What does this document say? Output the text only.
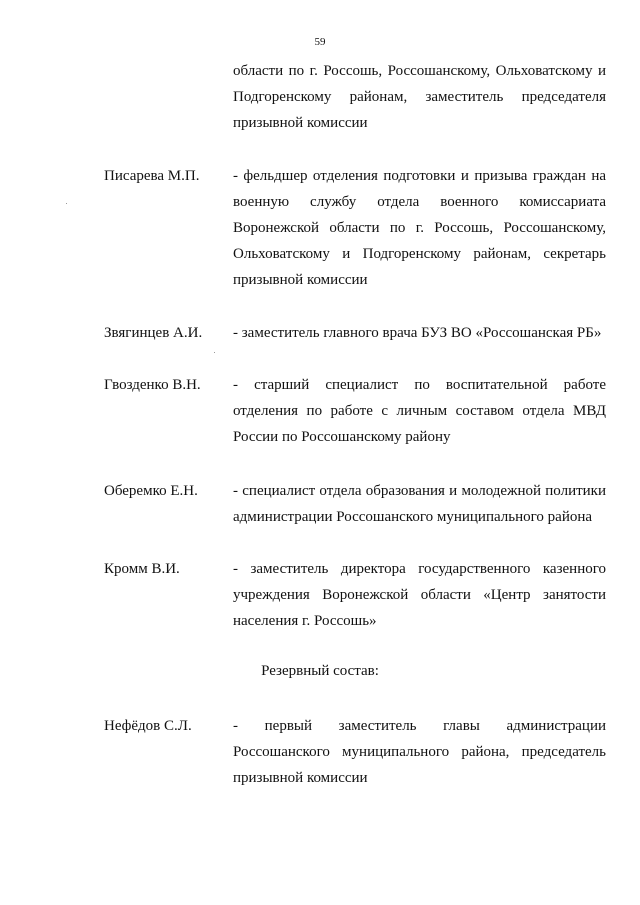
59
области по г. Россошь, Россошанскому, Ольховатскому и
Подгоренскому районам, заместитель председателя
призывной комиссии
Писарева М.П. - фельдшер отделения подготовки и призыва граждан на
военную службу отдела военного комиссариата
Воронежской области по г. Россошь, Россошанскому,
Ольховатскому и Подгоренскому районам, секретарь
призывной комиссии
Звягинцев А.И. - заместитель главного врача БУЗ ВО «Россошанская РБ»
Гвозденко В.Н. - старший специалист по воспитательной работе
отделения по работе с личным составом отдела МВД
России по Россошанскому району
Оберемко Е.Н. - специалист отдела образования и молодежной политики
администрации Россошанского муниципального района
Кромм В.И.	- заместитель директора государственного казенного
учреждения Воронежской области «Центр занятости
населения г. Россошь»
Резервный состав:
Нефёдов С.Л.	- первый заместитель главы администрации
Россошанского муниципального района, председатель
призывной комиссии
